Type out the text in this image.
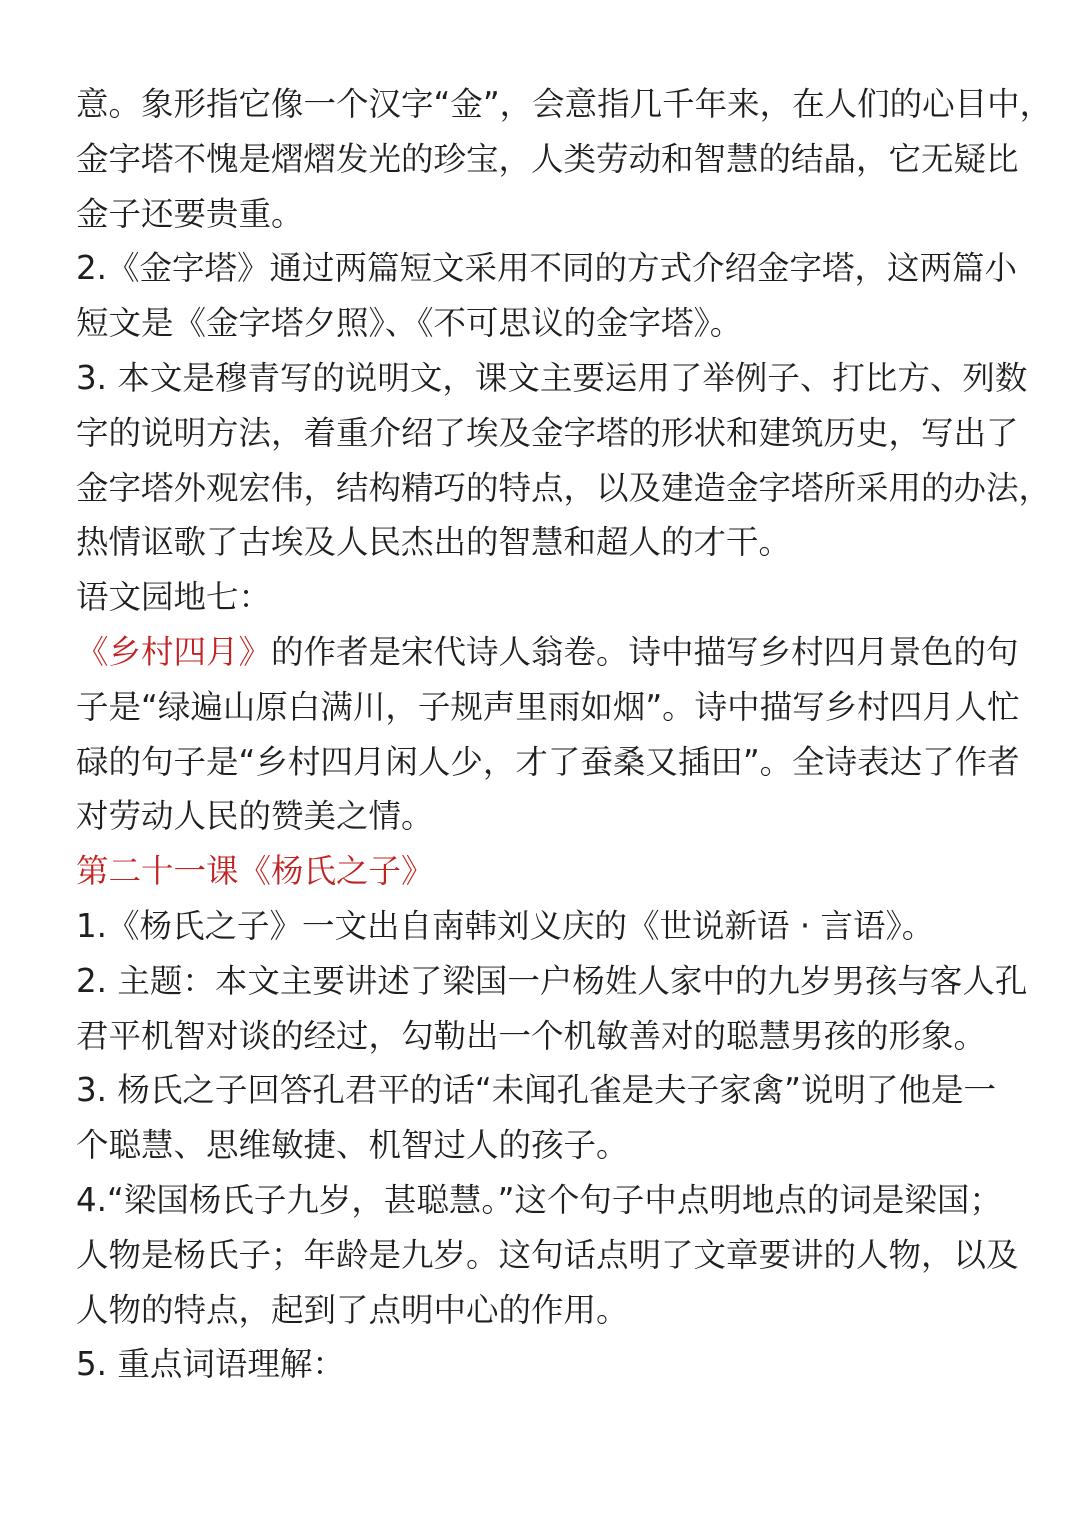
意。象形指它像一个汉字“金”，会意指几千年来，在人们的心目中，

金字塔不愧是熠熠发光的珍宝，人类劳动和智慧的结晶，它无疑比

金子还要贵重。

2.《金字塔》通过两篇短文采用不同的方式介绍金字塔，这两篇小

短文是《金字塔夕照》、《不可思议的金字塔》。

3. 本文是穆青写的说明文，课文主要运用了举例子、打比方、列数

字的说明方法，着重介绍了埃及金字塔的形状和建筑历史，写出了

金字塔外观宏伟，结构精巧的特点，以及建造金字塔所采用的办法，

热情讴歌了古埃及人民杰出的智慧和超人的才干。

语文园地七：

《乡村四月》的作者是宋代诗人翁卷。诗中描写乡村四月景色的句

子是“绿遍山原白满川，子规声里雨如烟”。诗中描写乡村四月人忙

碌的句子是“乡村四月闲人少，才了蚕桑又插田”。全诗表达了作者

对劳动人民的赞美之情。

第二十一课《杨氏之子》

1.《杨氏之子》一文出自南韩刘义庆的《世说新语 · 言语》。

2. 主题：本文主要讲述了梁国一户杨姓人家中的九岁男孩与客人孔

君平机智对谈的经过，勾勒出一个机敏善对的聪慧男孩的形象。

3. 杨氏之子回答孔君平的话“未闻孔雀是夫子家禽”说明了他是一

个聪慧、思维敏捷、机智过人的孩子。

4.“梁国杨氏子九岁，甚聪慧。”这个句子中点明地点的词是梁国；

人物是杨氏子；年龄是九岁。这句话点明了文章要讲的人物，以及

人物的特点，起到了点明中心的作用。

5. 重点词语理解：
